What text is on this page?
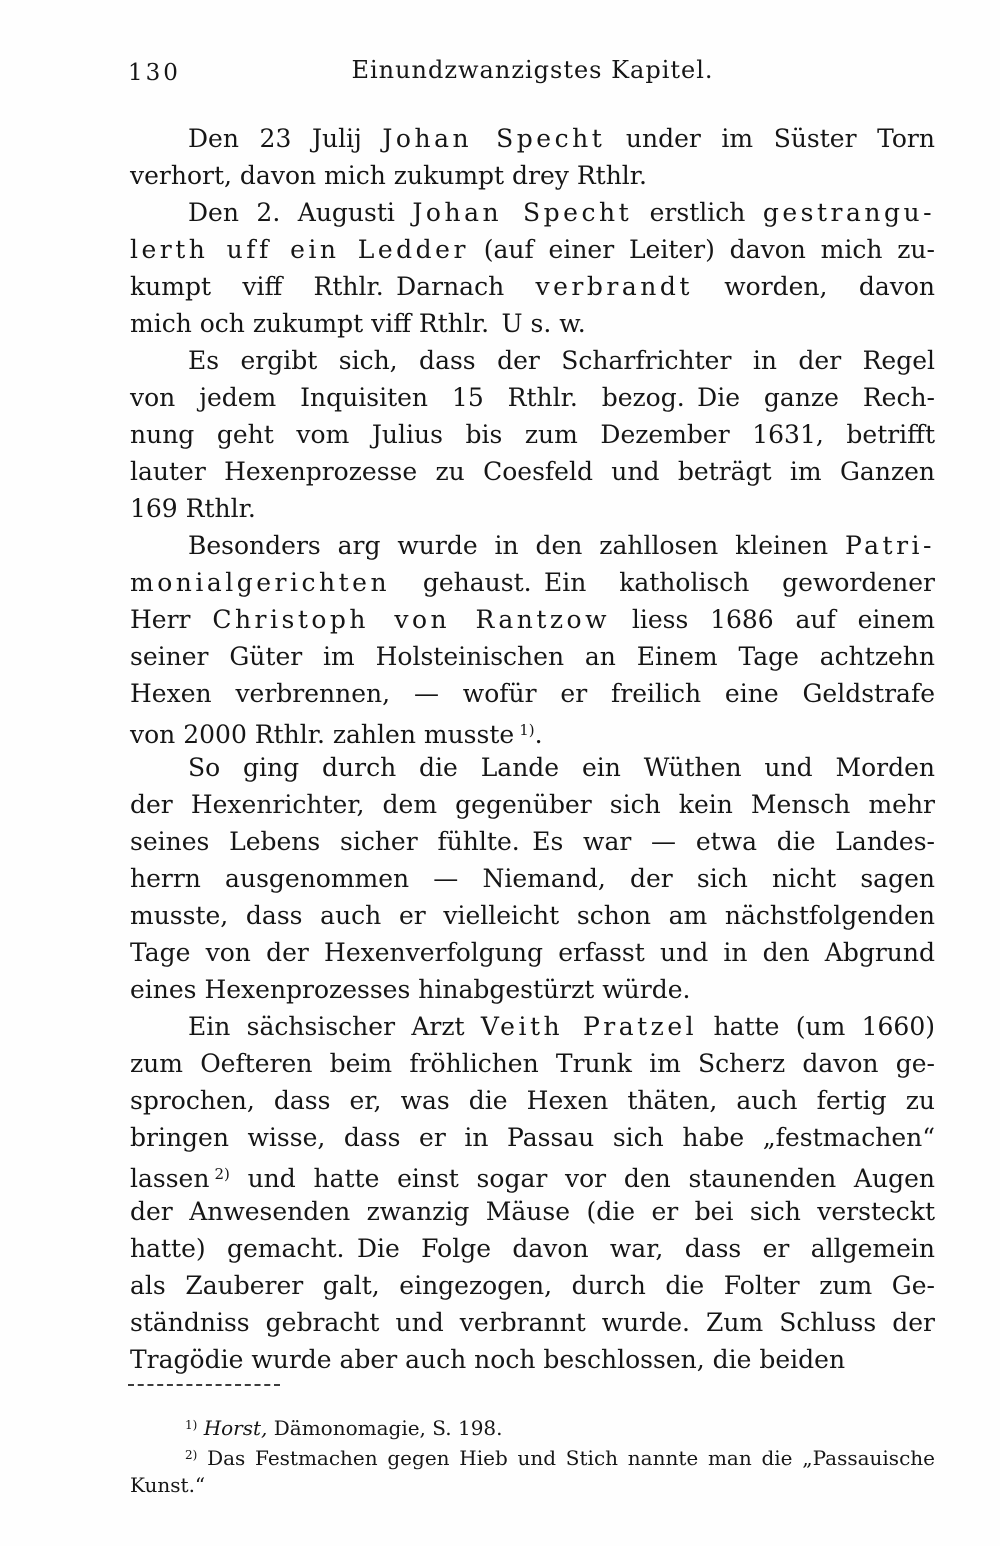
130	Einundzwanzigstes Kapitel.
Den 23 Julij Johan Specht under im Süster Torn
verhort, davon mich zukumpt drey Rthlr.
Den 2. Augusti Johan Specht erstlich gestrangu-
lerth uff ein Ledder (auf einer Leiter) davon mich zu-
kumpt viff Rthlr. Darnach verbrandt worden, davon
mich och zukumpt viff Rthlr. U s. w.
Es ergibt sich, dass der Scharfrichter in der Regel
von jedem Inquisiten 15 Rthlr. bezog. Die ganze Rech-
nung geht vom Julius bis zum Dezember 1631, betrifft
lauter Hexenprozesse zu Coesfeld und beträgt im Ganzen
169 Rthlr.
Besonders arg wurde in den zahllosen kleinen Patri-
monialgerichten gehaust. Ein katholisch gewordener
Herr Christoph von Rantzow liess 1686 auf einem
seiner Güter im Holsteinischen an Einem Tage achtzehn
Hexen verbrennen, — wofür er freilich eine Geldstrafe
von 2000 Rthlr. zahlen musste $^{1)}$.
So ging durch die Lande ein Wüthen und Morden
der Hexenrichter, dem gegenüber sich kein Mensch mehr
seines Lebens sicher fühlte. Es war — etwa die Landes-
herrn ausgenommen — Niemand, der sich nicht sagen
musste, dass auch er vielleicht schon am nächstfolgenden
Tage von der Hexenverfolgung erfasst und in den Abgrund
eines Hexenprozesses hinabgestürzt würde.
Ein sächsischer Arzt Veith Pratzel hatte (um 1660)
zum Oefteren beim fröhlichen Trunk im Scherz davon ge-
sprochen, dass er, was die Hexen thäten, auch fertig zu
bringen wisse, dass er in Passau sich habe „festmachen“
lassen $^{2)}$ und hatte einst sogar vor den staunenden Augen
der Anwesenden zwanzig Mäuse (die er bei sich versteckt
hatte) gemacht. Die Folge davon war, dass er allgemein
als Zauberer galt, eingezogen, durch die Folter zum Ge-
ständniss gebracht und verbrannt wurde. Zum Schluss der
Tragödie wurde aber auch noch beschlossen, die beiden
$^{1)}$ Horst, Dämonomagie, S. 198.
$^{2)}$ Das Festmachen gegen Hieb und Stich nannte man die „Passauische
Kunst.“
